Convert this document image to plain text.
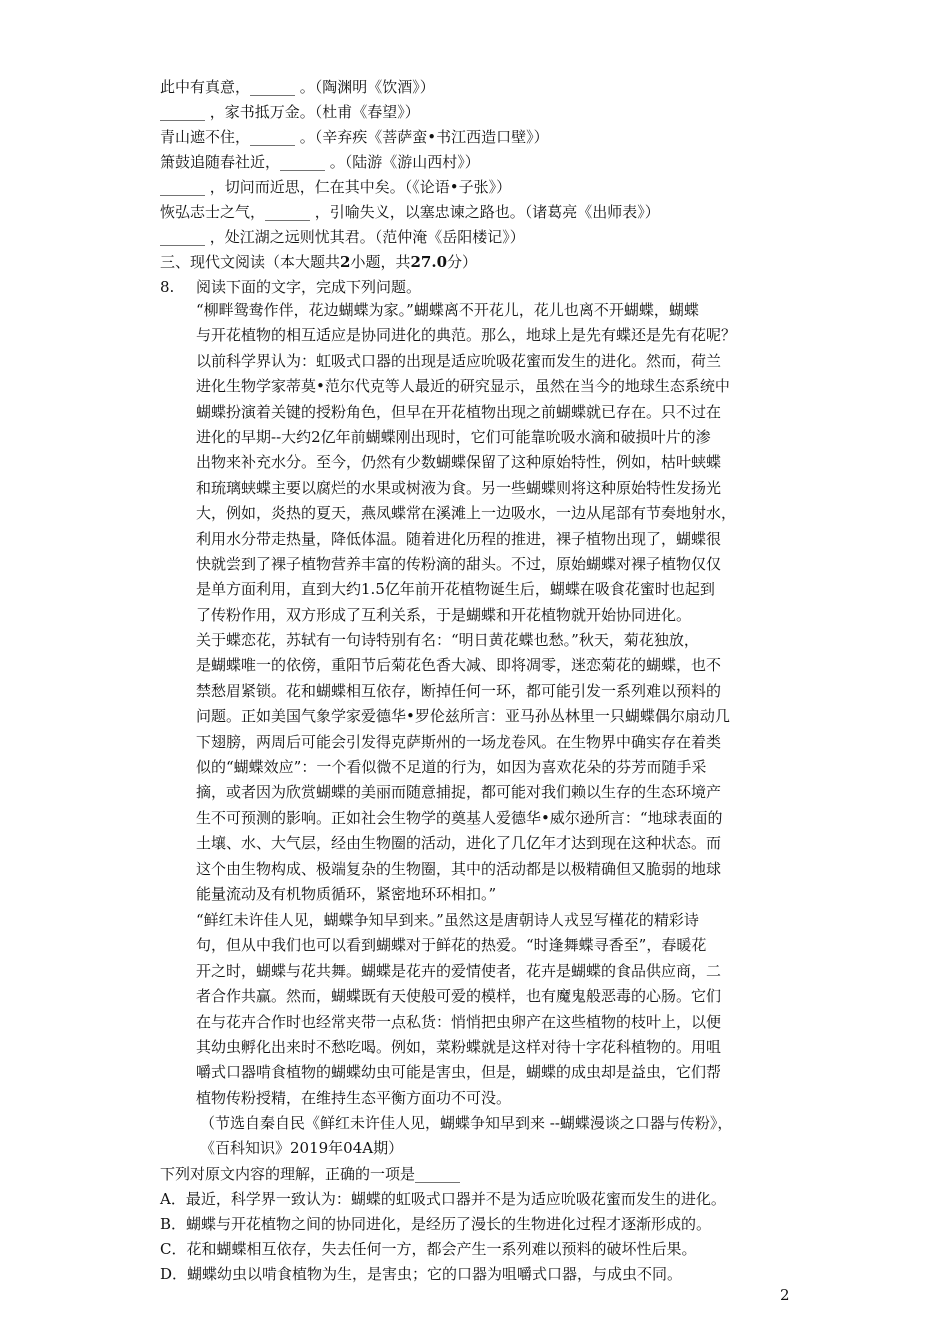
此中有真意，______ 。（陶渊明《饮酒》）
______ ，家书抵万金。（杜甫《春望》）
青山遮不住，______ 。（辛弃疾《菩萨蛮•书江西造口壁》）
箫鼓追随春社近，______ 。（陆游《游山西村》）
______ ，切问而近思，仁在其中矣。（《论语•子张》）
恢弘志士之气，______ ，引喻失义，以塞忠谏之路也。（诸葛亮《出师表》）
______ ，处江湖之远则忧其君。（范仲淹《岳阳楼记》）
三、现代文阅读（本大题共2小题，共27.0分）
8. 阅读下面的文字，完成下列问题。
“柳畔鸳鸯作伴，花边蝴蝶为家。”蝴蝶离不开花儿，花儿也离不开蝴蝶，蝴蝶
与开花植物的相互适应是协同进化的典范。那么，地球上是先有蝶还是先有花呢？
以前科学界认为：虹吸式口器的出现是适应吮吸花蜜而发生的进化。然而，荷兰
进化生物学家蒂莫•范尔代克等人最近的研究显示，虽然在当今的地球生态系统中
蝴蝶扮演着关键的授粉角色，但早在开花植物出现之前蝴蝶就已存在。只不过在
进化的早期--大约2亿年前蝴蝶刚出现时，它们可能靠吮吸水滴和破损叶片的渗
出物来补充水分。至今，仍然有少数蝴蝶保留了这种原始特性，例如，枯叶蛱蝶
和琉璃蛱蝶主要以腐烂的水果或树液为食。另一些蝴蝶则将这种原始特性发扬光
大，例如，炎热的夏天，燕凤蝶常在溪滩上一边吸水，一边从尾部有节奏地射水，
利用水分带走热量，降低体温。随着进化历程的推进，裸子植物出现了，蝴蝶很
快就尝到了裸子植物营养丰富的传粉滴的甜头。不过，原始蝴蝶对裸子植物仅仅
是单方面利用，直到大约1.5亿年前开花植物诞生后，蝴蝶在吸食花蜜时也起到
了传粉作用，双方形成了互利关系，于是蝴蝶和开花植物就开始协同进化。
关于蝶恋花，苏轼有一句诗特别有名：“明日黄花蝶也愁。”秋天，菊花独放，
是蝴蝶唯一的依傍，重阳节后菊花色香大减、即将凋零，迷恋菊花的蝴蝶，也不
禁愁眉紧锁。花和蝴蝶相互依存，断掉任何一环，都可能引发一系列难以预料的
问题。正如美国气象学家爱德华•罗伦兹所言：亚马孙丛林里一只蝴蝶偶尔扇动几
下翅膀，两周后可能会引发得克萨斯州的一场龙卷风。在生物界中确实存在着类
似的“蝴蝶效应”：一个看似微不足道的行为，如因为喜欢花朵的芬芳而随手采
摘，或者因为欣赏蝴蝶的美丽而随意捕捉，都可能对我们赖以生存的生态环境产
生不可预测的影响。正如社会生物学的奠基人爱德华•威尔逊所言：“地球表面的
土壤、水、大气层，经由生物圈的活动，进化了几亿年才达到现在这种状态。而
这个由生物构成、极端复杂的生物圈，其中的活动都是以极精确但又脆弱的地球
能量流动及有机物质循环，紧密地环环相扣。”
“鲜红未许佳人见，蝴蝶争知早到来。”虽然这是唐朝诗人戎昱写槿花的精彩诗
句，但从中我们也可以看到蝴蝶对于鲜花的热爱。“时逢舞蝶寻香至”，春暖花
开之时，蝴蝶与花共舞。蝴蝶是花卉的爱情使者，花卉是蝴蝶的食品供应商，二
者合作共赢。然而，蝴蝶既有天使般可爱的模样，也有魔鬼般恶毒的心肠。它们
在与花卉合作时也经常夹带一点私货：悄悄把虫卵产在这些植物的枝叶上，以便
其幼虫孵化出来时不愁吃喝。例如，菜粉蝶就是这样对待十字花科植物的。用咀
嚼式口器啃食植物的蝴蝶幼虫可能是害虫，但是，蝴蝶的成虫却是益虫，它们帮
植物传粉授精，在维持生态平衡方面功不可没。
（节选自秦自民《鲜红未许佳人见，蝴蝶争知早到来 --蝴蝶漫谈之口器与传粉》，
《百科知识》2019年04A期）
下列对原文内容的理解，正确的一项是______
A．最近，科学界一致认为：蝴蝶的虹吸式口器并不是为适应吮吸花蜜而发生的进化。
B．蝴蝶与开花植物之间的协同进化，是经历了漫长的生物进化过程才逐渐形成的。
C．花和蝴蝶相互依存，失去任何一方，都会产生一系列难以预料的破坏性后果。
D．蝴蝶幼虫以啃食植物为生，是害虫；它的口器为咀嚼式口器，与成虫不同。
2
